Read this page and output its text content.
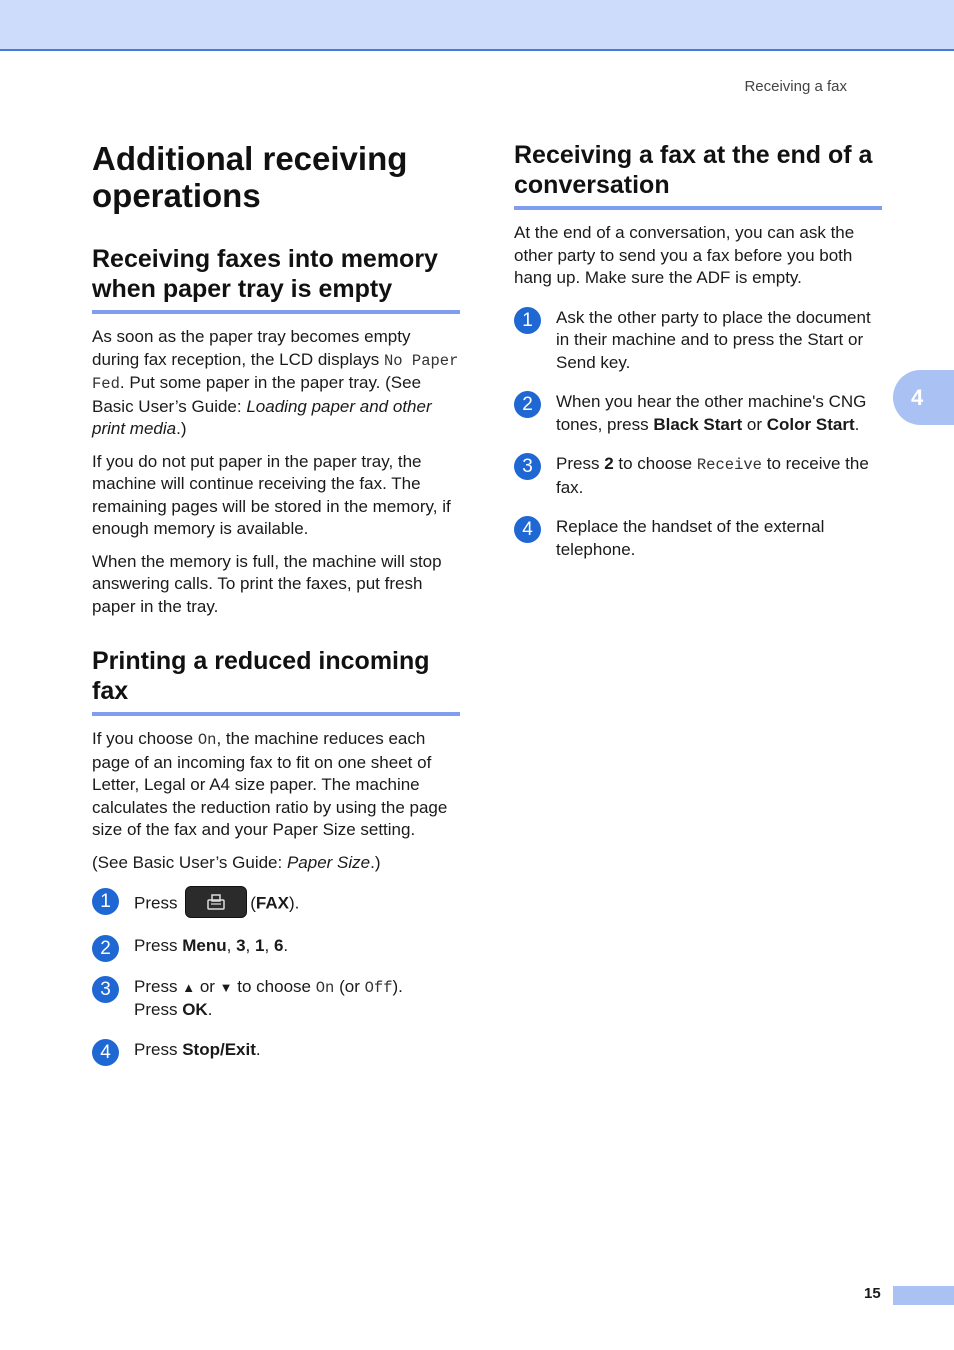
Receiving a fax
4
Additional receiving operations
Receiving faxes into memory when paper tray is empty

As soon as the paper tray becomes empty during fax reception, the LCD displays No Paper Fed. Put some paper in the paper tray. (See Basic User’s Guide: Loading paper and other print media.)

If you do not put paper in the paper tray, the machine will continue receiving the fax. The remaining pages will be stored in the memory, if enough memory is available.

When the memory is full, the machine will stop answering calls. To print the faxes, put fresh paper in the tray.

Printing a reduced incoming fax

If you choose On, the machine reduces each page of an incoming fax to fit on one sheet of Letter, Legal or A4 size paper. The machine calculates the reduction ratio by using the page size of the fax and your Paper Size setting.

(See Basic User’s Guide: Paper Size.)

1	Press	(FAX).

2	Press Menu, 3, 1, 6.

3	Press ▲ or ▼ to choose On (or Off).
Press OK.

4	Press Stop/Exit.

Receiving a fax at the end of a conversation

At the end of a conversation, you can ask the other party to send you a fax before you both hang up. Make sure the ADF is empty.

1	Ask the other party to place the document in their machine and to press the Start or Send key.

2	When you hear the other machine's CNG tones, press Black Start or Color Start.

3	Press 2 to choose Receive to receive the fax.

4	Replace the handset of the external telephone.

15
